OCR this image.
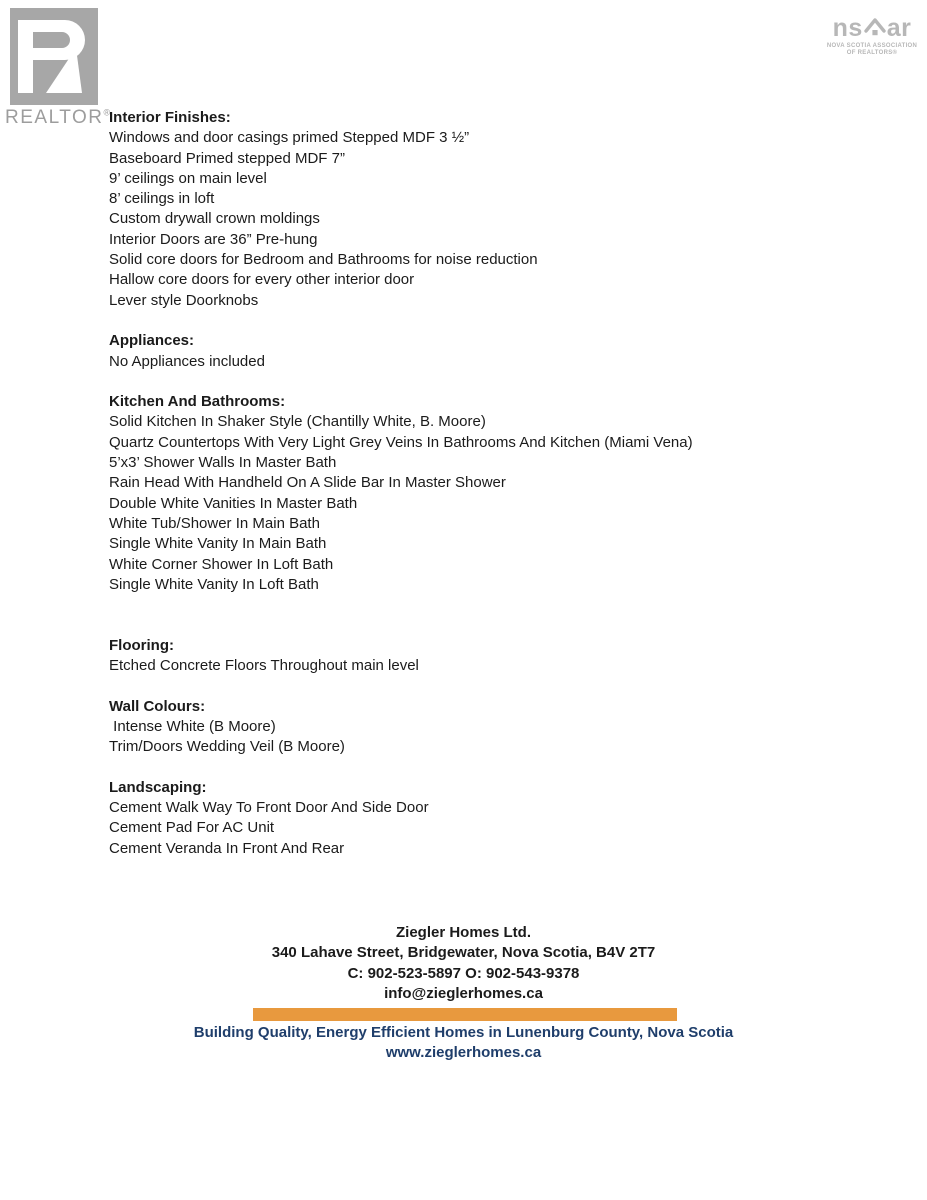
REALTOR®
ns ar
NOVA SCOTIA ASSOCIATION
OF REALTORS®
Interior Finishes:
Windows and door casings primed Stepped MDF 3 ½”
Baseboard Primed stepped MDF 7”
9’ ceilings on main level
8’ ceilings in loft
Custom drywall crown moldings
Interior Doors are 36” Pre-hung
Solid core doors for Bedroom and Bathrooms for noise reduction
Hallow core doors for every other interior door
Lever style Doorknobs
Appliances:
No Appliances included
Kitchen And Bathrooms:
Solid Kitchen In Shaker Style (Chantilly White, B. Moore)
Quartz Countertops With Very Light Grey Veins In Bathrooms And Kitchen (Miami Vena)
5’x3’ Shower Walls In Master Bath
Rain Head With Handheld On A Slide Bar In Master Shower
Double White Vanities In Master Bath
White Tub/Shower In Main Bath
Single White Vanity In Main Bath
White Corner Shower In Loft Bath
Single White Vanity In Loft Bath
Flooring:
Etched Concrete Floors Throughout main level
Wall Colours:
Intense White (B Moore)
Trim/Doors Wedding Veil (B Moore)
Landscaping:
Cement Walk Way To Front Door And Side Door
Cement Pad For AC Unit
Cement Veranda In Front And Rear
Ziegler Homes Ltd.
340 Lahave Street, Bridgewater, Nova Scotia, B4V 2T7
C: 902-523-5897 O: 902-543-9378
info@zieglerhomes.ca
Building Quality, Energy Efficient Homes in Lunenburg County, Nova Scotia
www.zieglerhomes.ca
